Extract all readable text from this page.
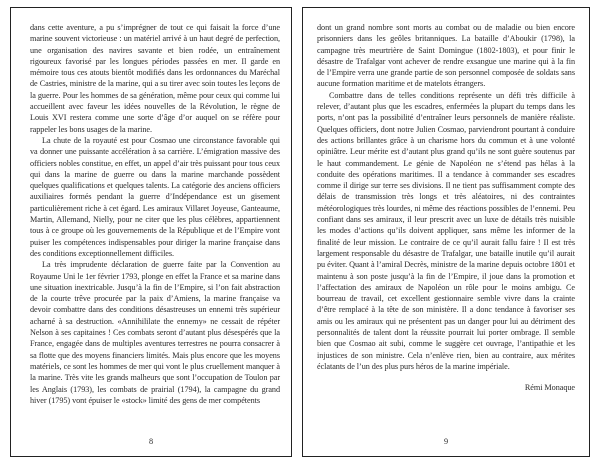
dans cette aventure, a pu s’imprégner de tout ce qui faisait la force d’une marine souvent victorieuse : un matériel arrivé à un haut degré de perfection, une organisation des navires savante et bien rodée, un entraînement rigoureux favorisé par les longues périodes passées en mer. Il garde en mémoire tous ces atouts bientôt modifiés dans les ordonnances du Maréchal de Castries, ministre de la marine, qui a su tirer avec soin toutes les leçons de la guerre. Pour les hommes de sa génération, même pour ceux qui comme lui accueillent avec faveur les idées nouvelles de la Révolution, le règne de Louis XVI restera comme une sorte d’âge d’or auquel on se réfère pour rappeler les bons usages de la marine.

La chute de la royauté est pour Cosmao une circonstance favorable qui va donner une puissante accélération à sa carrière. L’émigration massive des officiers nobles constitue, en effet, un appel d’air très puissant pour tous ceux qui dans la marine de guerre ou dans la marine marchande possèdent quelques qualifications et quelques talents. La catégorie des anciens officiers auxiliaires formés pendant la guerre d’Indépendance est un gisement particulièrement riche à cet égard. Les amiraux Villaret Joyeuse, Ganteaume, Martin, Allemand, Nielly, pour ne citer que les plus célèbres, appartiennent tous à ce groupe où les gouvernements de la République et de l’Empire vont puiser les compétences indispensables pour diriger la marine française dans des conditions exceptionnellement difficiles.

La très imprudente déclaration de guerre faite par la Convention au Royaume Uni le 1er février 1793, plonge en effet la France et sa marine dans une situation inextricable. Jusqu’à la fin de l’Empire, si l’on fait abstraction de la courte trêve procurée par la paix d’Amiens, la marine française va devoir combattre dans des conditions désastreuses un ennemi très supérieur acharné à sa destruction. «Annihililate the ennemy» ne cessait de répéter Nelson à ses capitaines ! Ces combats seront d’autant plus désespérés que la France, engagée dans de multiples aventures terrestres ne pourra consacrer à sa flotte que des moyens financiers limités. Mais plus encore que les moyens matériels, ce sont les hommes de mer qui vont le plus cruellement manquer à la marine. Très vite les grands malheurs que sont l’occupation de Toulon par les Anglais (1793), les combats de prairial (1794), la campagne du grand hiver (1795) vont épuiser le «stock» limité des gens de mer compétents

8

dont un grand nombre sont morts au combat ou de maladie ou bien encore prisonniers dans les geôles britanniques. La bataille d’Aboukir (1798), la campagne très meurtrière de Saint Domingue (1802-1803), et pour finir le désastre de Trafalgar vont achever de rendre exsangue une marine qui à la fin de l’Empire verra une grande partie de son personnel composée de soldats sans aucune formation maritime et de matelots étrangers.

Combattre dans de telles conditions représente un défi très difficile à relever, d’autant plus que les escadres, enfermées la plupart du temps dans les ports, n’ont pas la possibilité d’entraîner leurs personnels de manière réaliste. Quelques officiers, dont notre Julien Cosmao, parviendront pourtant à conduire des actions brillantes grâce à un charisme hors du commun et à une volonté opiniâtre. Leur mérite est d’autant plus grand qu’ils ne sont guère soutenus par le haut commandement. Le génie de Napoléon ne s’étend pas hélas à la conduite des opérations maritimes. Il a tendance à commander ses escadres comme il dirige sur terre ses divisions. Il ne tient pas suffisamment compte des délais de transmission très longs et très aléatoires, ni des contraintes météorologiques très lourdes, ni même des réactions possibles de l’ennemi. Peu confiant dans ses amiraux, il leur prescrit avec un luxe de détails très nuisible les modes d’actions qu’ils doivent appliquer, sans même les informer de la finalité de leur mission. Le contraire de ce qu’il aurait fallu faire ! Il est très largement responsable du désastre de Trafalgar, une bataille inutile qu’il aurait pu éviter. Quant à l’amiral Decrès, ministre de la marine depuis octobre 1801 et maintenu à son poste jusqu’à la fin de l’Empire, il joue dans la promotion et l’affectation des amiraux de Napoléon un rôle pour le moins ambigu. Ce bourreau de travail, cet excellent gestionnaire semble vivre dans la crainte d’être remplacé à la tête de son ministère. Il a donc tendance à favoriser ses amis ou les amiraux qui ne présentent pas un danger pour lui au détriment des personnalités de talent dont la réussite pourrait lui porter ombrage. Il semble bien que Cosmao ait subi, comme le suggère cet ouvrage, l’antipathie et les injustices de son ministre. Cela n’enlève rien, bien au contraire, aux mérites éclatants de l’un des plus purs héros de la marine impériale.

Rémi Monaque

9
